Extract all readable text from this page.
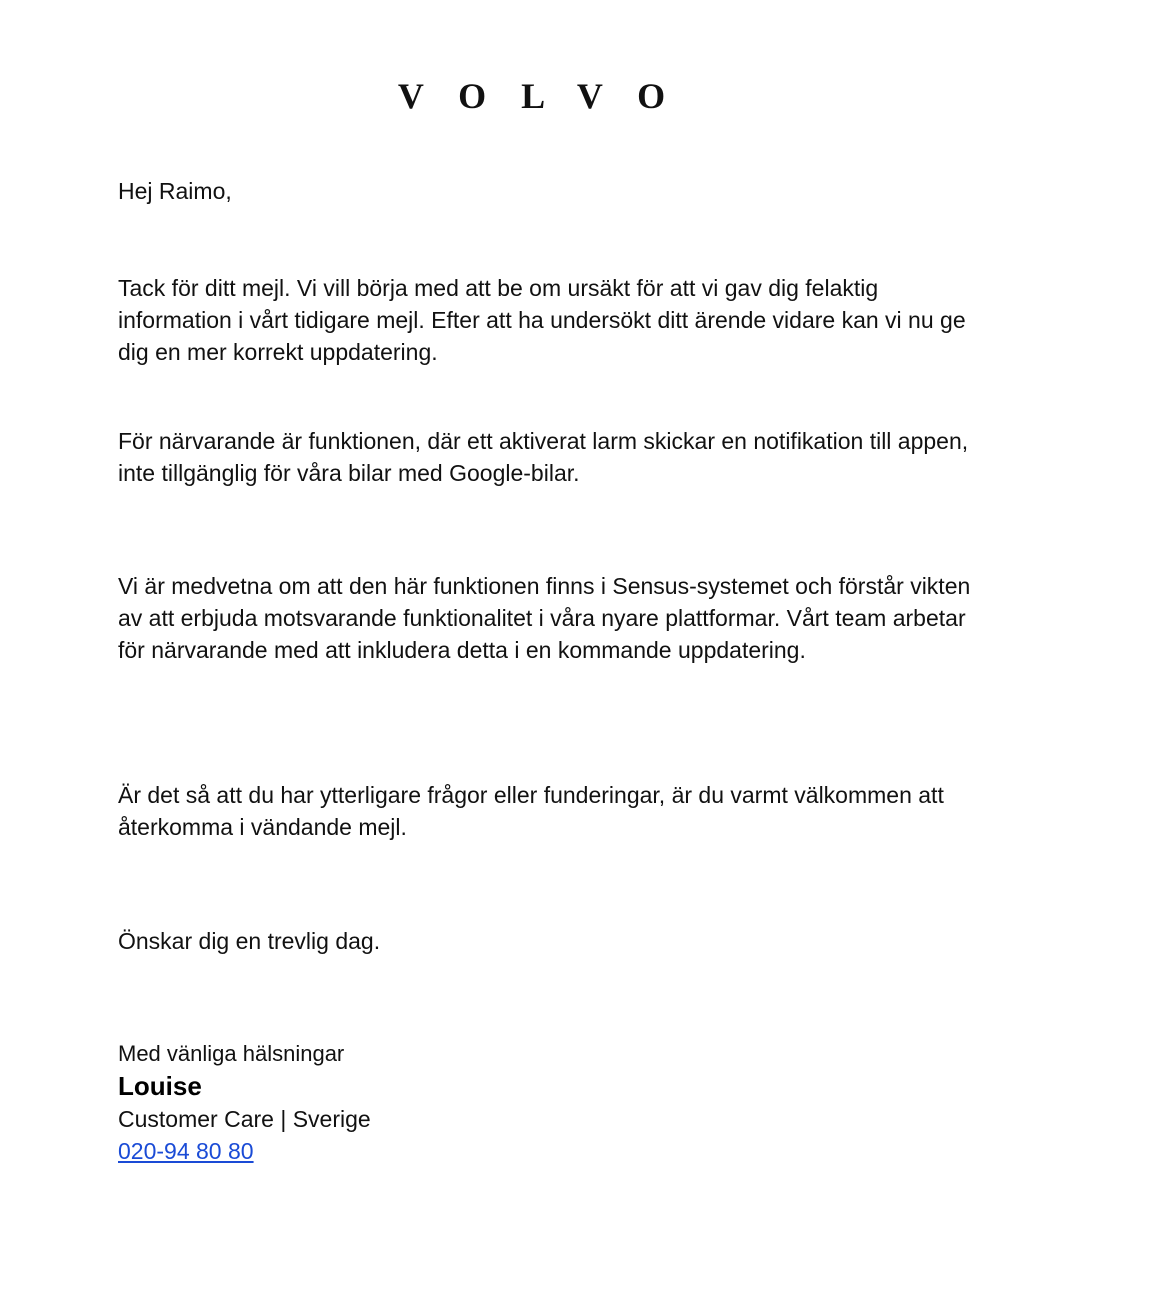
VOLVO

Hej Raimo,

Tack för ditt mejl. Vi vill börja med att be om ursäkt för att vi gav dig felaktig information i vårt tidigare mejl. Efter att ha undersökt ditt ärende vidare kan vi nu ge dig en mer korrekt uppdatering.

För närvarande är funktionen, där ett aktiverat larm skickar en notifikation till appen, inte tillgänglig för våra bilar med Google-bilar.

Vi är medvetna om att den här funktionen finns i Sensus-systemet och förstår vikten av att erbjuda motsvarande funktionalitet i våra nyare plattformar. Vårt team arbetar för närvarande med att inkludera detta i en kommande uppdatering.

Är det så att du har ytterligare frågor eller funderingar, är du varmt välkommen att återkomma i vändande mejl.

Önskar dig en trevlig dag.

Med vänliga hälsningar

Louise

Customer Care | Sverige

020-94 80 80
